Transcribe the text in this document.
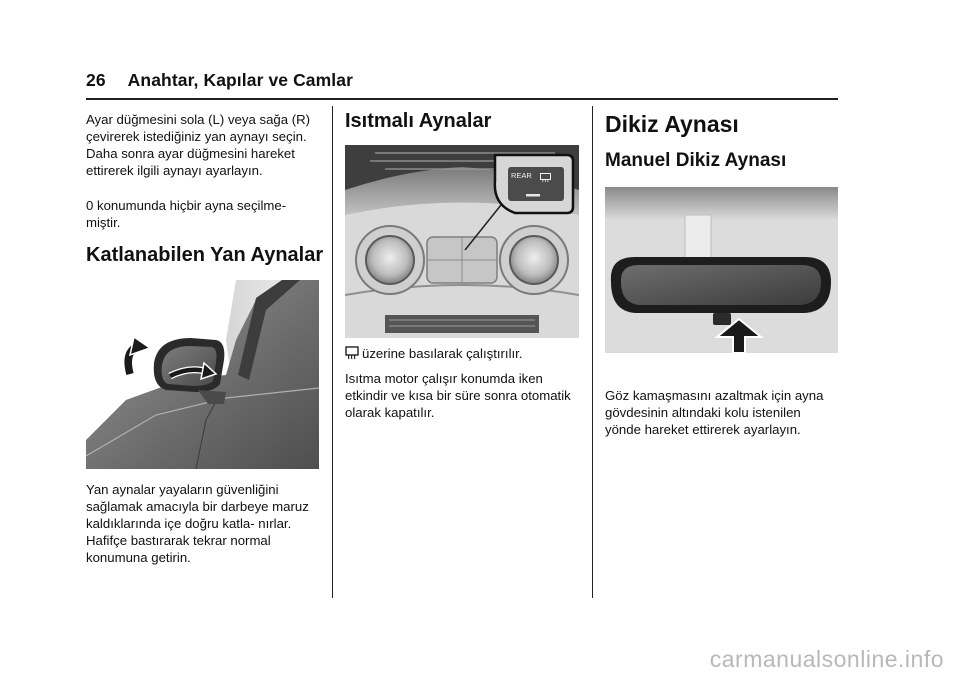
26 Anahtar, Kapılar ve Camlar

Ayar düğmesini sola (L) veya sağa (R) çevirerek istediğiniz yan aynayı seçin. Daha sonra ayar düğmesini hareket ettirerek ilgili aynayı ayarlayın.

0 konumunda hiçbir ayna seçilme- miştir.

Katlanabilen Yan Aynalar

Yan aynalar yayaların güvenliğini sağlamak amacıyla bir darbeye maruz kaldıklarında içe doğru katla- nırlar. Hafifçe bastırarak tekrar normal konumuna getirin.

Isıtmalı Aynalar
REAR

üzerine basılarak çalıştırılır.

Isıtma motor çalışır konumda iken etkindir ve kısa bir süre sonra otomatik olarak kapatılır.

Dikiz Aynası
Manuel Dikiz Aynası

Göz kamaşmasını azaltmak için ayna gövdesinin altındaki kolu istenilen yönde hareket ettirerek ayarlayın.

carmanualsonline.info
